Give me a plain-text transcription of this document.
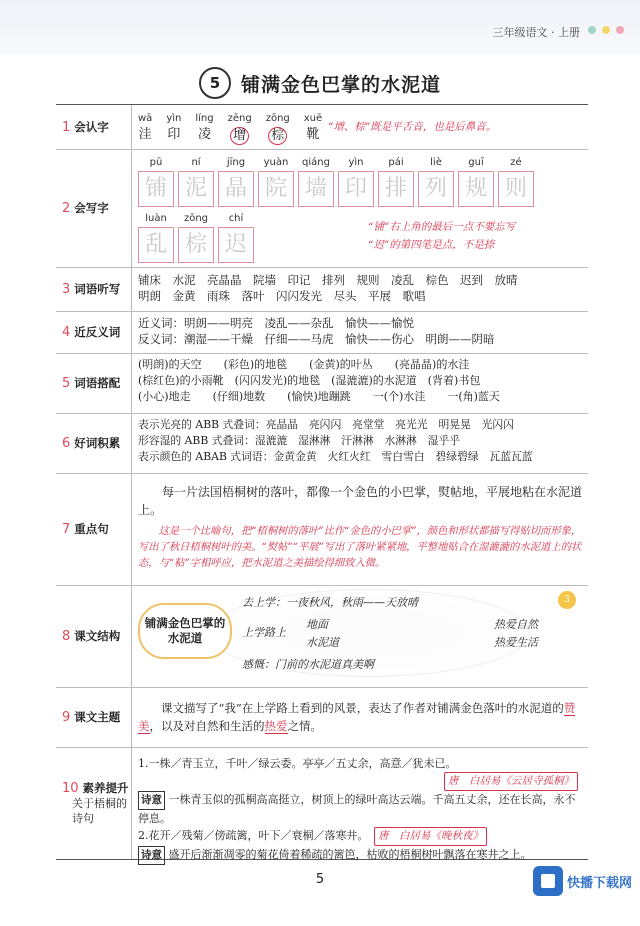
三年级语文 · 上册
5	铺满金色巴掌的水泥道
1 会认字
wā
洼
yìn
印
líng
凌
zēng
增
zōng
棕
xuē
靴 “增、棕”既是平舌音，也是后鼻音。
2 会写字
pū
铺
ní
泥
jīng
晶
yuàn
院
qiáng
墙
yìn
印
pái
排
liè
列
guī
规
zé
则
luàn
乱
zōng
棕
chí
迟
“铺”右上角的最后一点不要忘写
“迟”的第四笔是点，不是捺
3 词语听写
铺床　水泥　亮晶晶　院墙　印记　排列　规则　凌乱　棕色　迟到　放晴
明朗　金黄　雨珠　落叶　闪闪发光　尽头　平展　歌唱
4 近反义词
近义词：明朗——明亮　凌乱——杂乱　愉快——愉悦
反义词：潮湿——干燥　仔细——马虎　愉快——伤心　明朗——阴暗
5 词语搭配
(明朗)的天空　　(彩色)的地毯　　(金黄)的叶丛　　(亮晶晶)的水洼
(棕红色)的小雨靴　(闪闪发光)的地毯　(湿漉漉)的水泥道　(背着)书包
(小心)地走　　(仔细)地数　　(愉快)地蹦跳　　一(个)水洼　　一(角)蓝天
6 好词积累
表示光亮的 ABB 式叠词：亮晶晶　亮闪闪　亮堂堂　亮光光　明晃晃　光闪闪
形容湿的 ABB 式叠词：湿漉漉　湿淋淋　汗淋淋　水淋淋　湿乎乎
表示颜色的 ABAB 式词语：金黄金黄　火红火红　雪白雪白　碧绿碧绿　瓦蓝瓦蓝
7 重点句
每一片法国梧桐树的落叶，都像一个金色的小巴掌，熨帖地，平展地粘在水泥道上。
这是一个比喻句，把“梧桐树的落叶”比作“金色的小巴掌”，颜色和形状都描写得贴切而形象，写出了秋日梧桐树叶的美。“熨帖”“平展”写出了落叶紧紧地，平整地贴合在湿漉漉的水泥道上的状态，与“粘”字相呼应，把水泥道之美描绘得细致入微。
8 课文结构
铺满金色巴掌的水泥道
去上学：一夜秋风，秋雨——天放晴
上学路上
地面
水泥道
感慨：门前的水泥道真美啊
热爱自然
热爱生活
3
9 课文主题
课文描写了“我”在上学路上看到的风景，表达了作者对铺满金色落叶的水泥道的赞美，以及对自然和生活的热爱之情。
10 素养提升
关于梧桐的诗句
1.一株／青玉立，千叶／绿云委。亭亭／五丈余，高意／犹未已。
唐　白居易《云居寺孤桐》
诗意 一株青玉似的孤桐高高挺立，树顶上的绿叶高达云端。千高五丈余，还在长高，永不停息。
2.花开／残菊／傍疏篱，叶下／衰桐／落寒井。　 唐　白居易《晚秋夜》
诗意 盛开后渐渐凋零的菊花倚着稀疏的篱笆，枯败的梧桐树叶飘落在寒井之上。
5	快播下载网
